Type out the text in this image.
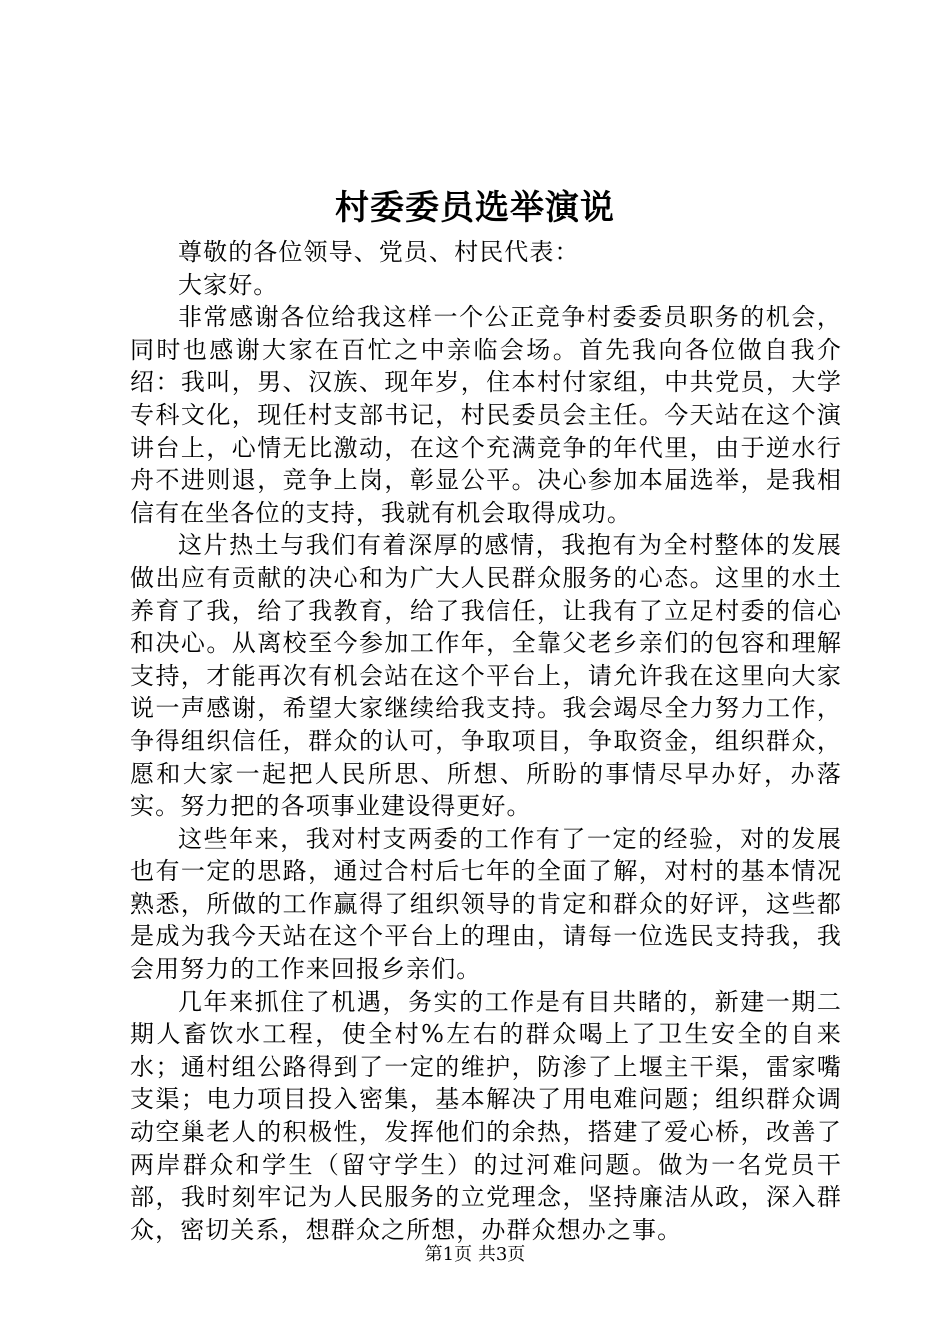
村委委员选举演说

尊敬的各位领导、党员、村民代表：

大家好。

非常感谢各位给我这样一个公正竞争村委委员职务的机会，同时也感谢大家在百忙之中亲临会场。首先我向各位做自我介绍：我叫，男、汉族、现年岁，住本村付家组，中共党员，大学专科文化，现任村支部书记，村民委员会主任。今天站在这个演讲台上，心情无比激动，在这个充满竞争的年代里，由于逆水行舟不进则退，竞争上岗，彰显公平。决心参加本届选举，是我相信有在坐各位的支持，我就有机会取得成功。

这片热土与我们有着深厚的感情，我抱有为全村整体的发展做出应有贡献的决心和为广大人民群众服务的心态。这里的水土养育了我，给了我教育，给了我信任，让我有了立足村委的信心和决心。从离校至今参加工作年，全靠父老乡亲们的包容和理解支持，才能再次有机会站在这个平台上，请允许我在这里向大家说一声感谢，希望大家继续给我支持。我会竭尽全力努力工作，争得组织信任，群众的认可，争取项目，争取资金，组织群众，愿和大家一起把人民所思、所想、所盼的事情尽早办好，办落实。努力把的各项事业建设得更好。

这些年来，我对村支两委的工作有了一定的经验，对的发展也有一定的思路，通过合村后七年的全面了解，对村的基本情况熟悉，所做的工作赢得了组织领导的肯定和群众的好评，这些都是成为我今天站在这个平台上的理由，请每一位选民支持我，我会用努力的工作来回报乡亲们。

几年来抓住了机遇，务实的工作是有目共睹的，新建一期二期人畜饮水工程，使全村%左右的群众喝上了卫生安全的自来水；通村组公路得到了一定的维护，防渗了上堰主干渠，雷家嘴支渠；电力项目投入密集，基本解决了用电难问题；组织群众调动空巢老人的积极性，发挥他们的余热，搭建了爱心桥，改善了两岸群众和学生（留守学生）的过河难问题。做为一名党员干部，我时刻牢记为人民服务的立党理念，坚持廉洁从政，深入群众，密切关系，想群众之所想，办群众想办之事。

第1页 共3页
